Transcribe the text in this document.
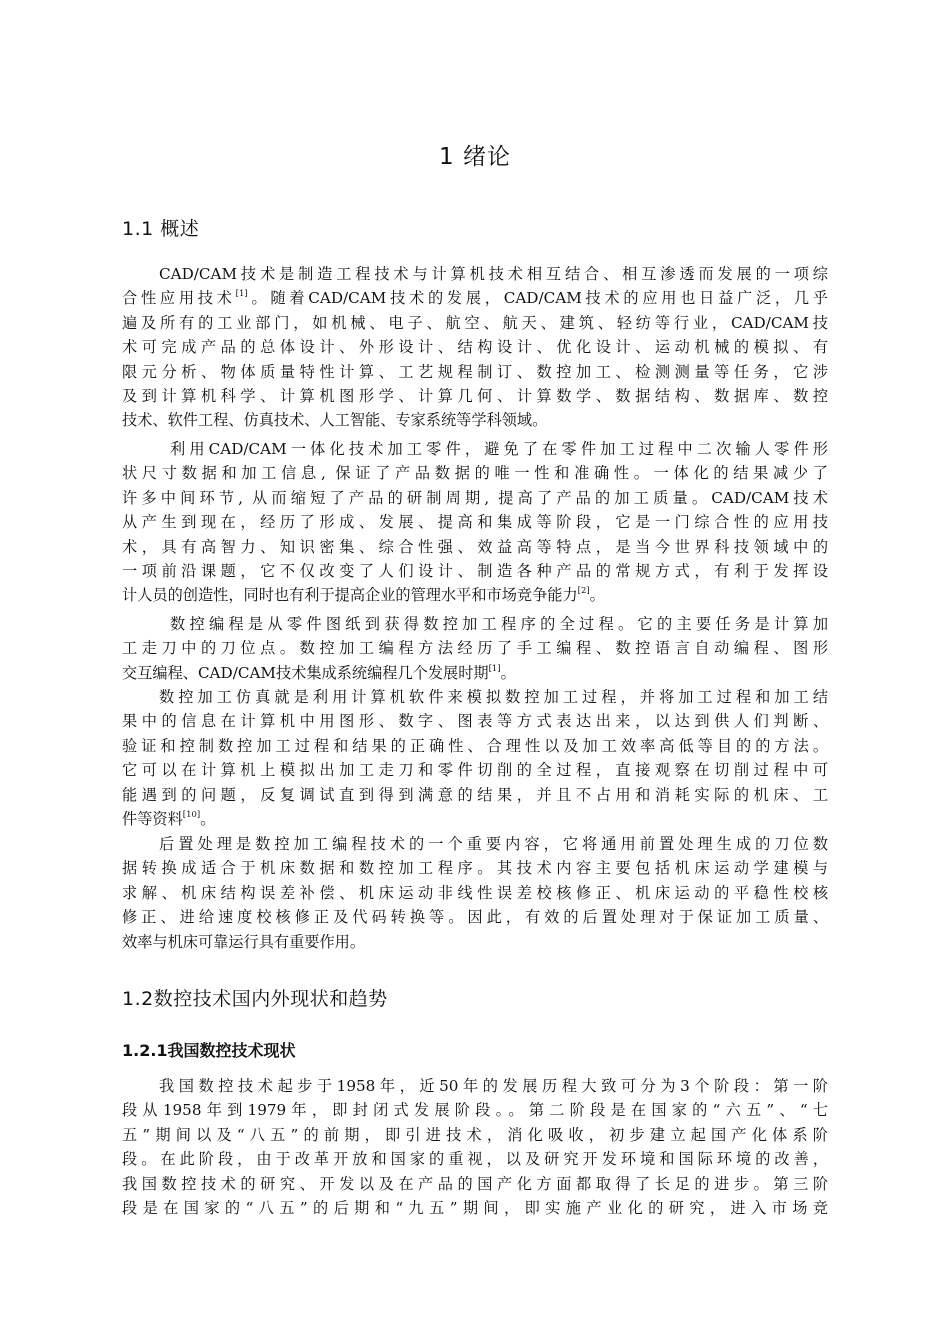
1 绪论
1.1 概述
CAD/CAM技术是制造工程技术与计算机技术相互结合、相互渗透而发展的一项综
合性应用技术[1]。随着CAD/CAM技术的发展，CAD/CAM技术的应用也日益广泛，几乎
遍及所有的工业部门，如机械、电子、航空、航天、建筑、轻纺等行业，CAD/CAM技
术可完成产品的总体设计、外形设计、结构设计、优化设计、运动机械的模拟、有
限元分析、物体质量特性计算、工艺规程制订、数控加工、检测测量等任务，它涉
及到计算机科学、计算机图形学、计算几何、计算数学、数据结构、数据库、数控
技术、软件工程、仿真技术、人工智能、专家系统等学科领域。
利用CAD/CAM一体化技术加工零件，避免了在零件加工过程中二次输人零件形
状尺寸数据和加工信息, 保证了产品数据的唯一性和准确性。一体化的结果减少了
许多中间环节, 从而缩短了产品的研制周期, 提高了产品的加工质量。CAD/CAM技术
从产生到现在，经历了形成、发展、提高和集成等阶段，它是一门综合性的应用技
术，具有高智力、知识密集、综合性强、效益高等特点，是当今世界科技领域中的
一项前沿课题，它不仅改变了人们设计、制造各种产品的常规方式，有利于发挥设
计人员的创造性，同时也有利于提高企业的管理水平和市场竞争能力[2]。
数控编程是从零件图纸到获得数控加工程序的全过程。它的主要任务是计算加
工走刀中的刀位点。数控加工编程方法经历了手工编程、数控语言自动编程、图形
交互编程、CAD/CAM技术集成系统编程几个发展时期[1]。
数控加工仿真就是利用计算机软件来模拟数控加工过程，并将加工过程和加工结
果中的信息在计算机中用图形、数字、图表等方式表达出来，以达到供人们判断、
验证和控制数控加工过程和结果的正确性、合理性以及加工效率高低等目的的方法。
它可以在计算机上模拟出加工走刀和零件切削的全过程，直接观察在切削过程中可
能遇到的问题，反复调试直到得到满意的结果，并且不占用和消耗实际的机床、工
件等资料[10]。
后置处理是数控加工编程技术的一个重要内容，它将通用前置处理生成的刀位数
据转换成适合于机床数据和数控加工程序。其技术内容主要包括机床运动学建模与
求解、机床结构误差补偿、机床运动非线性误差校核修正、机床运动的平稳性校核
修正、进给速度校核修正及代码转换等。因此，有效的后置处理对于保证加工质量、
效率与机床可靠运行具有重要作用。
1.2数控技术国内外现状和趋势
1.2.1我国数控技术现状
我国数控技术起步于1958年，近50年的发展历程大致可分为3个阶段：第一阶
段从1958年到1979年，即封闭式发展阶段。。第二阶段是在国家的“六五”、“七
五”期间以及“八五”的前期，即引进技术，消化吸收，初步建立起国产化体系阶
段。在此阶段，由于改革开放和国家的重视，以及研究开发环境和国际环境的改善，
我国数控技术的研究、开发以及在产品的国产化方面都取得了长足的进步。第三阶
段是在国家的“八五”的后期和“九五”期间，即实施产业化的研究，进入市场竞
